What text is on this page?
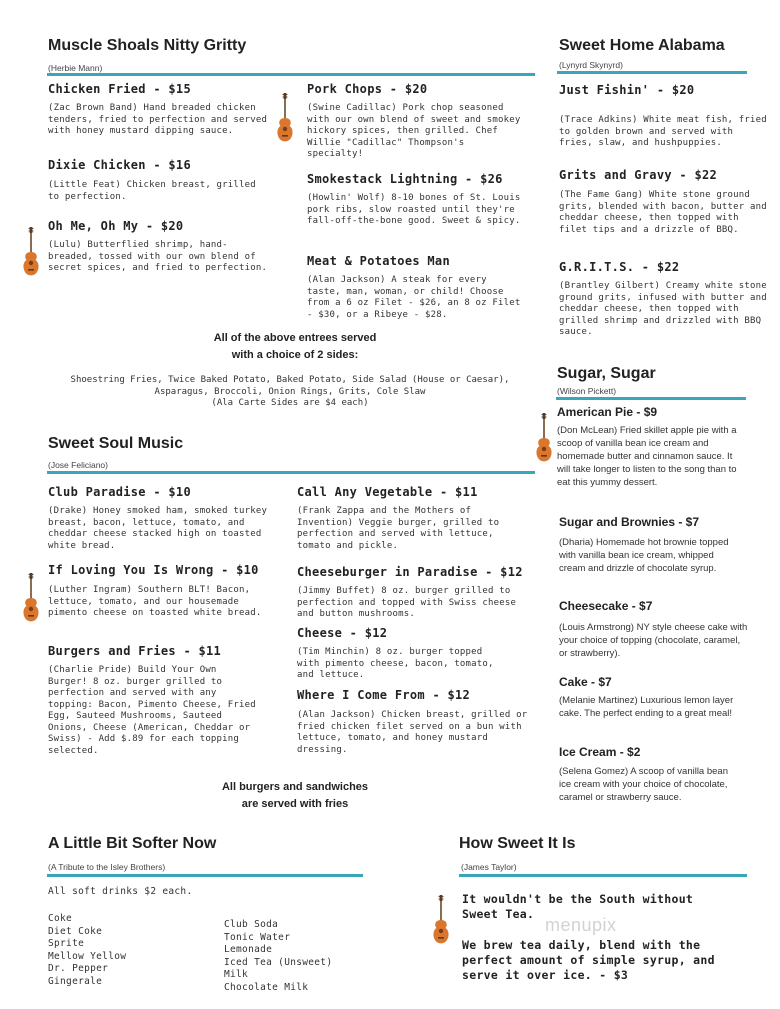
Muscle Shoals Nitty Gritty
(Herbie Mann)
Chicken Fried - $15
(Zac Brown Band) Hand breaded chicken tenders, fried to perfection and served with honey mustard dipping sauce.
Dixie Chicken - $16
(Little Feat) Chicken breast, grilled to perfection.
Oh Me, Oh My - $20
(Lulu) Butterflied shrimp, hand-breaded, tossed with our own blend of secret spices, and fried to perfection.
Pork Chops - $20
(Swine Cadillac) Pork chop seasoned with our own blend of sweet and smokey hickory spices, then grilled. Chef Willie "Cadillac" Thompson's specialty!
Smokestack Lightning - $26
(Howlin' Wolf) 8-10 bones of St. Louis pork ribs, slow roasted until they're fall-off-the-bone good. Sweet & spicy.
Meat & Potatoes Man
(Alan Jackson) A steak for every taste, man, woman, or child! Choose from a 6 oz Filet - $26, an 8 oz Filet - $30, or a Ribeye - $28.
All of the above entrees served
with a choice of 2 sides:
Shoestring Fries, Twice Baked Potato, Baked Potato, Side Salad (House or Caesar),
Asparagus, Broccoli, Onion Rings, Grits, Cole Slaw
(Ala Carte Sides are $4 each)
Sweet Home Alabama
(Lynyrd Skynyrd)
Just Fishin' - $20
(Trace Adkins) White meat fish, fried to golden brown and served with fries, slaw, and hushpuppies.
Grits and Gravy - $22
(The Fame Gang) White stone ground grits, blended with bacon, butter and cheddar cheese, then topped with filet tips and a drizzle of BBQ.
G.R.I.T.S. - $22
(Brantley Gilbert) Creamy white stone ground grits, infused with butter and cheddar cheese, then topped with grilled shrimp and drizzled with BBQ sauce.
Sugar, Sugar
(Wilson Pickett)
American Pie - $9
(Don McLean) Fried skillet apple pie with a scoop of vanilla bean ice cream and homemade butter and cinnamon sauce. It will take longer to listen to the song than to eat this yummy dessert.
Sugar and Brownies - $7
(Dharia) Homemade hot brownie topped with vanilla bean ice cream, whipped cream and drizzle of chocolate syrup.
Cheesecake - $7
(Louis Armstrong) NY style cheese cake with your choice of topping (chocolate, caramel, or strawberry).
Cake - $7
(Melanie Martinez) Luxurious lemon layer cake. The perfect ending to a great meal!
Ice Cream - $2
(Selena Gomez) A scoop of vanilla bean ice cream with your choice of chocolate, caramel or strawberry sauce.
Sweet Soul Music
(Jose Feliciano)
Club Paradise - $10
(Drake) Honey smoked ham, smoked turkey breast, bacon, lettuce, tomato, and cheddar cheese stacked high on toasted white bread.
If Loving You Is Wrong - $10
(Luther Ingram) Southern BLT! Bacon, lettuce, tomato, and our housemade pimento cheese on toasted white bread.
Burgers and Fries - $11
(Charlie Pride) Build Your Own Burger! 8 oz. burger grilled to perfection and served with any topping: Bacon, Pimento Cheese, Fried Egg, Sauteed Mushrooms, Sauteed Onions, Cheese (American, Cheddar or Swiss) - Add $.89 for each topping selected.
Call Any Vegetable - $11
(Frank Zappa and the Mothers of Invention) Veggie burger, grilled to perfection and served with lettuce, tomato and pickle.
Cheeseburger in Paradise - $12
(Jimmy Buffet) 8 oz. burger grilled to perfection and topped with Swiss cheese and button mushrooms.
Cheese - $12
(Tim Minchin) 8 oz. burger topped with pimento cheese, bacon, tomato, and lettuce.
Where I Come From - $12
(Alan Jackson) Chicken breast, grilled or fried chicken filet served on a bun with lettuce, tomato, and honey mustard dressing.
All burgers and sandwiches
are served with fries
A Little Bit Softer Now
(A Tribute to the Isley Brothers)
All soft drinks $2 each.
Coke
Diet Coke
Sprite
Mellow Yellow
Dr. Pepper
Gingerale
Club Soda
Tonic Water
Lemonade
Iced Tea (Unsweet)
Milk
Chocolate Milk
How Sweet It Is
(James Taylor)
It wouldn't be the South without
Sweet Tea.
menupix
We brew tea daily, blend with the
perfect amount of simple syrup, and
serve it over ice. - $3
